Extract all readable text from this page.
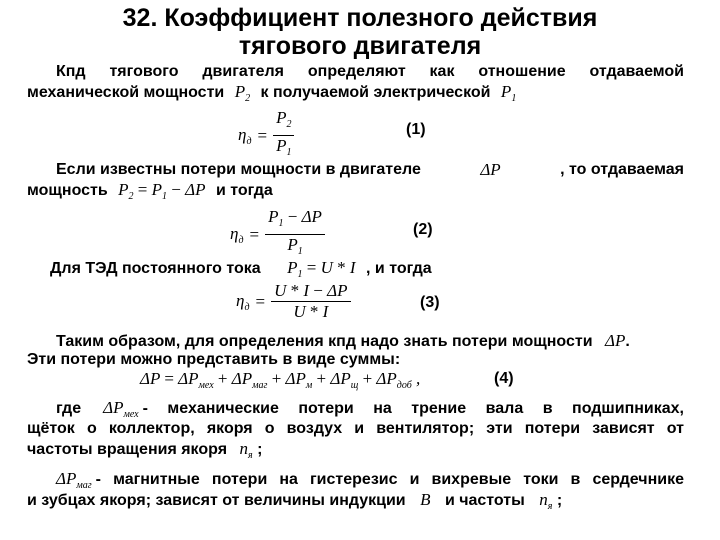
32. Коэффициент полезного действия
тягового двигателя
Кпд тягового двигателя определяют как отношение отдаваемой
механической мощности $P_2$ к получаемой электрической $P_1$
$\eta_д = \frac{P_2}{P_1}$	(1)
Если известны потери мощности в двигателе	ΔP	, то отдаваемая
мощность $P_2 = P_1 - \Delta P$ и тогда
$\eta_д = \frac{P_1 - \Delta P}{P_1}$	(2)
Для ТЭД постоянного тока $P_1 = U * I$ , и тогда
$\eta_д = \frac{U * I - \Delta P}{U * I}$	(3)
Таким образом, для определения кпд надо знать потери мощности ΔP.
Эти потери можно представить в виде суммы:
$\Delta P = \Delta P_{мех} + \Delta P_{маг} + \Delta P_м + \Delta P_щ + \Delta P_{доб}$ ,	(4)
где $\Delta P_{мех}$ - механические потери на трение вала в подшипниках,
щёток о коллектор, якоря о воздух и вентилятор; эти потери зависят от
частоты вращения якоря $n_я$ ;
$\Delta P_{маг}$ - магнитные потери на гистерезис и вихревые токи в сердечнике
и зубцах якоря; зависят от величины индукции B и частоты $n_я$ ;
